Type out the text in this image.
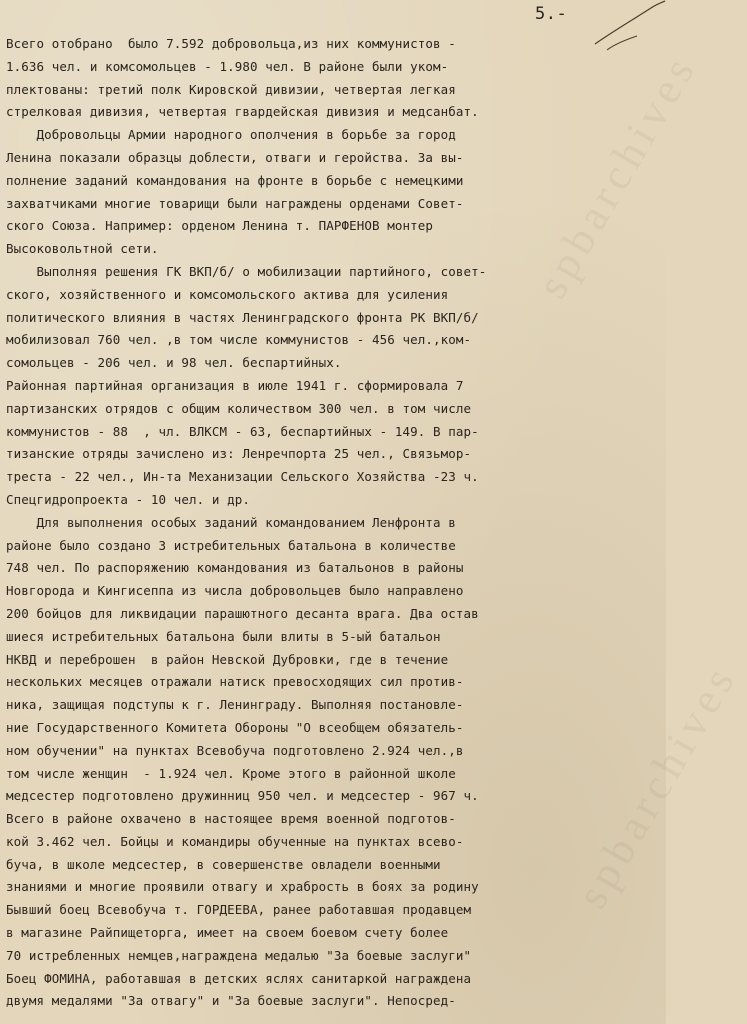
5.-
spbarchives
spbarchives
Всего отобрано  было 7.592 добровольца,из них коммунистов -
1.636 чел. и комсомольцев - 1.980 чел. В районе были уком-
плектованы: третий полк Кировской дивизии, четвертая легкая
стрелковая дивизия, четвертая гвардейская дивизия и медсанбат.
Добровольцы Армии народного ополчения в борьбе за город
Ленина показали образцы доблести, отваги и геройства. За вы-
полнение заданий командования на фронте в борьбе с немецкими
захватчиками многие товарищи были награждены орденами Совет-
ского Союза. Например: орденом Ленина т. ПАРФЕНОВ монтер
Высоковольтной сети.
Выполняя решения ГК ВКП/б/ о мобилизации партийного, совет-
ского, хозяйственного и комсомольского актива для усиления
политического влияния в частях Ленинградского фронта РК ВКП/б/
мобилизовал 760 чел. ,в том числе коммунистов - 456 чел.,ком-
сомольцев - 206 чел. и 98 чел. беспартийных.
Районная партийная организация в июле 1941 г. сформировала 7
партизанских отрядов с общим количеством 300 чел. в том числе
коммунистов - 88  , чл. ВЛКСМ - 63, беспартийных - 149. В пар-
тизанские отряды зачислено из: Ленречпорта 25 чел., Связьмор-
треста - 22 чел., Ин-та Механизации Сельского Хозяйства -23 ч.
Спецгидропроекта - 10 чел. и др.
Для выполнения особых заданий командованием Ленфронта в
районе было создано 3 истребительных батальона в количестве
748 чел. По распоряжению командования из батальонов в районы
Новгорода и Кингисеппа из числа добровольцев было направлено
200 бойцов для ликвидации парашютного десанта врага. Два остав
шиеся истребительных батальона были влиты в 5-ый батальон
НКВД и переброшен  в район Невской Дубровки, где в течение
нескольких месяцев отражали натиск превосходящих сил против-
ника, защищая подступы к г. Ленинграду. Выполняя постановле-
ние Государственного Комитета Обороны "О всеобщем обязатель-
ном обучении" на пунктах Всевобуча подготовлено 2.924 чел.,в
том числе женщин  - 1.924 чел. Кроме этого в районной школе
медсестер подготовлено дружинниц 950 чел. и медсестер - 967 ч.
Всего в районе охвачено в настоящее время военной подготов-
кой 3.462 чел. Бойцы и командиры обученные на пунктах всево-
буча, в школе медсестер, в совершенстве овладели военными
знаниями и многие проявили отвагу и храбрость в боях за родину
Бывший боец Всевобуча т. ГОРДЕЕВА, ранее работавшая продавцем
в магазине Райпищеторга, имеет на своем боевом счету более
70 истребленных немцев,награждена медалью "За боевые заслуги"
Боец ФОМИНА, работавшая в детских яслях санитаркой награждена
двумя медалями "За отвагу" и "За боевые заслуги". Непосред-
